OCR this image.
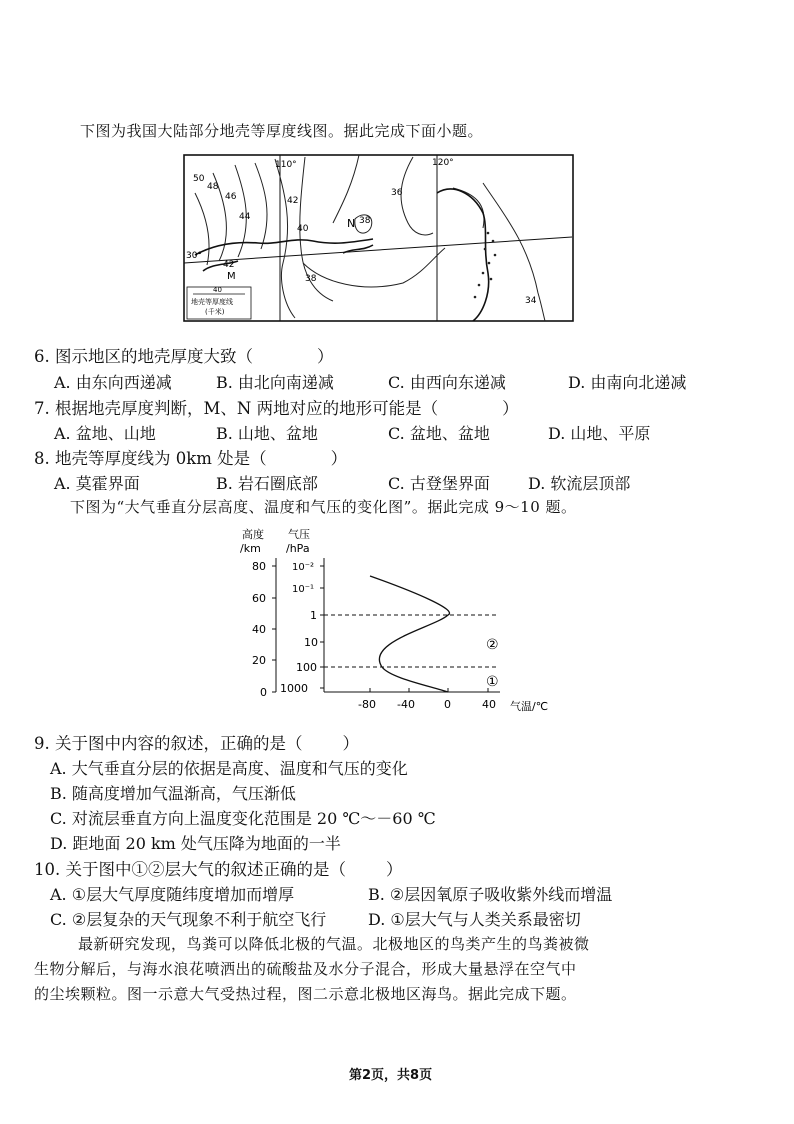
下图为我国大陆部分地壳等厚度线图。据此完成下面小题。
110°	120°
30°
50
48
46
44
42
40
38
36
38
42
34
N
M
40
地壳等厚度线
(千米)
6. 图示地区的地壳厚度大致（	）
A. 由东向西递减	B. 由北向南递减	C. 由西向东递减	D. 由南向北递减
7. 根据地壳厚度判断，M、N 两地对应的地形可能是（	）
A. 盆地、山地	B. 山地、盆地	C. 盆地、盆地	D. 山地、平原
8. 地壳等厚度线为 0km 处是（	）
A. 莫霍界面	B. 岩石圈底部	C. 古登堡界面 D. 软流层顶部
下图为“大气垂直分层高度、温度和气压的变化图”。据此完成 9～10 题。
高度
/km
气压
/hPa
80
60
40
20
0
10⁻²
10⁻¹
1
10
100
1000
-80 -40	0	40 气温/℃
②
①
9. 关于图中内容的叙述，正确的是（ ）
A. 大气垂直分层的依据是高度、温度和气压的变化
B. 随高度增加气温渐高，气压渐低
C. 对流层垂直方向上温度变化范围是 20 ℃～－60 ℃
D. 距地面 20 km 处气压降为地面的一半
10. 关于图中①②层大气的叙述正确的是（ ）
A. ①层大气厚度随纬度增加而增厚	B. ②层因氧原子吸收紫外线而增温
C. ②层复杂的天气现象不利于航空飞行	D. ①层大气与人类关系最密切
最新研究发现，鸟粪可以降低北极的气温。北极地区的鸟类产生的鸟粪被微
生物分解后，与海水浪花喷洒出的硫酸盐及水分子混合，形成大量悬浮在空气中
的尘埃颗粒。图一示意大气受热过程，图二示意北极地区海鸟。据此完成下题。
第2页，共8页
